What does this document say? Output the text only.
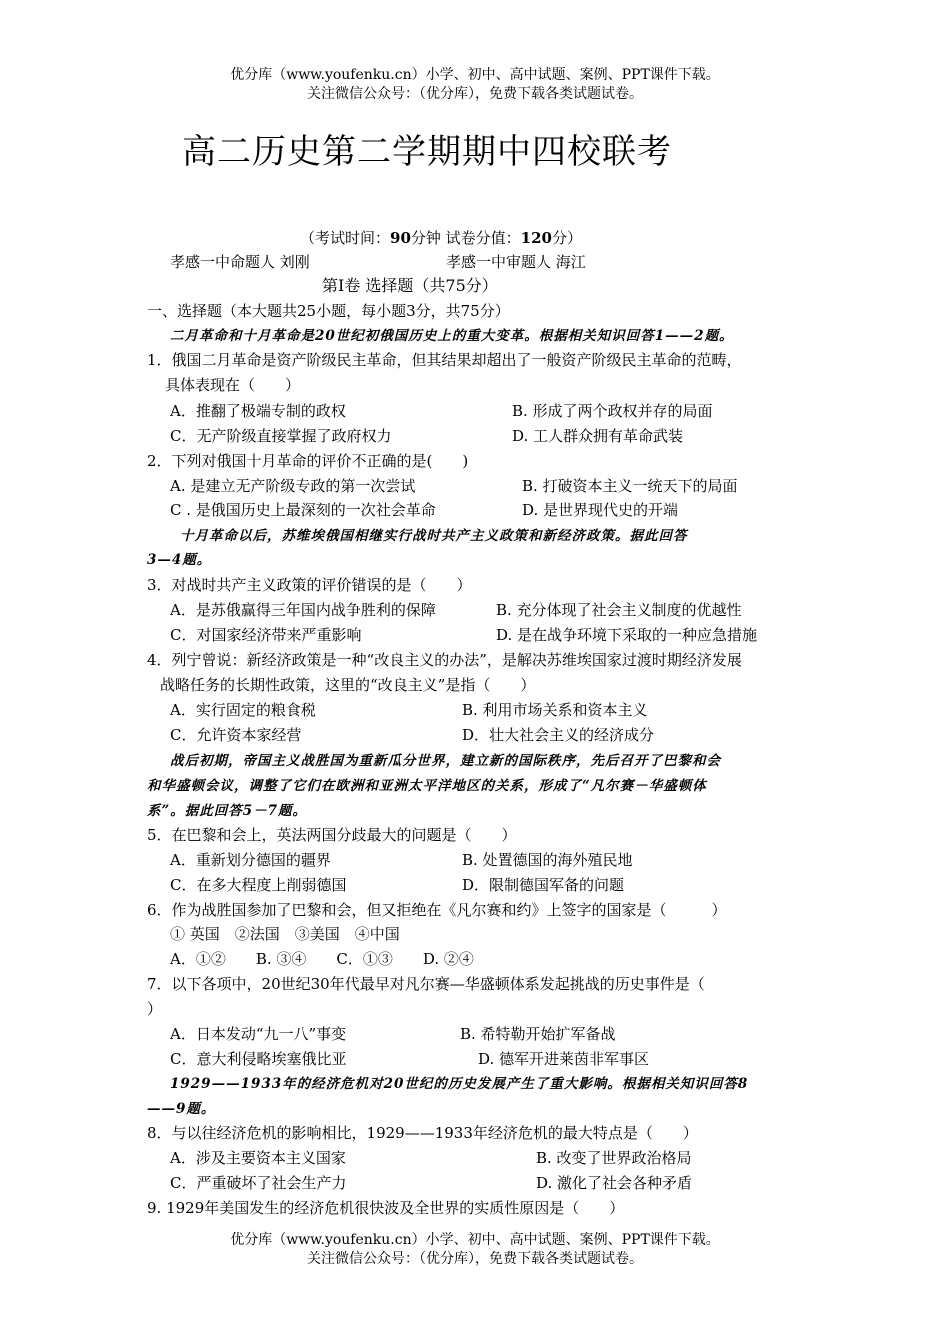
优分库（www.youfenku.cn）小学、初中、高中试题、案例、PPT课件下载。
关注微信公众号：（优分库），免费下载各类试题试卷。
高二历史第二学期期中四校联考
（考试时间：90分钟 试卷分值：120分）
孝感一中命题人 刘刚	孝感一中审题人 海江
第Ⅰ卷 选择题（共75分）
一、选择题（本大题共25小题，每小题3分，共75分）
二月革命和十月革命是20世纪初俄国历史上的重大变革。根据相关知识回答1——2题。
1．俄国二月革命是资产阶级民主革命，但其结果却超出了一般资产阶级民主革命的范畴，
具体表现在（　　）
A．推翻了极端专制的政权	B. 形成了两个政权并存的局面
C．无产阶级直接掌握了政府权力	D. 工人群众拥有革命武装
2．下列对俄国十月革命的评价不正确的是(　　)
A. 是建立无产阶级专政的第一次尝试	B. 打破资本主义一统天下的局面
C . 是俄国历史上最深刻的一次社会革命	D. 是世界现代史的开端
十月革命以后，苏维埃俄国相继实行战时共产主义政策和新经济政策。据此回答
3—4题。
3．对战时共产主义政策的评价错误的是（　　）
A．是苏俄赢得三年国内战争胜利的保障	B. 充分体现了社会主义制度的优越性
C．对国家经济带来严重影响	D. 是在战争环境下采取的一种应急措施
4．列宁曾说：新经济政策是一种“改良主义的办法”，是解决苏维埃国家过渡时期经济发展
战略任务的长期性政策，这里的“改良主义”是指（　　）
A．实行固定的粮食税	B. 利用市场关系和资本主义
C．允许资本家经营	D．壮大社会主义的经济成分
战后初期，帝国主义战胜国为重新瓜分世界，建立新的国际秩序，先后召开了巴黎和会
和华盛顿会议，调整了它们在欧洲和亚洲太平洋地区的关系，形成了“凡尔赛－华盛顿体
系”。据此回答5－7题。
5．在巴黎和会上，英法两国分歧最大的问题是（　　）
A．重新划分德国的疆界	B. 处置德国的海外殖民地
C．在多大程度上削弱德国	D．限制德国军备的问题
6．作为战胜国参加了巴黎和会，但又拒绝在《凡尔赛和约》上签字的国家是（　　　）
① 英国　②法国　③美国　④中国
A．①②　　B. ③④　　C．①③　　D. ②④
7．以下各项中，20世纪30年代最早对凡尔赛—华盛顿体系发起挑战的历史事件是（
）
A．日本发动“九一八”事变	B. 希特勒开始扩军备战
C．意大利侵略埃塞俄比亚	D. 德军开进莱茵非军事区
1929——1933年的经济危机对20世纪的历史发展产生了重大影响。根据相关知识回答8
——9题。
8．与以往经济危机的影响相比，1929——1933年经济危机的最大特点是（　　）
A．涉及主要资本主义国家	B. 改变了世界政治格局
C．严重破坏了社会生产力	D. 激化了社会各种矛盾
9. 1929年美国发生的经济危机很快波及全世界的实质性原因是（　　）
优分库（www.youfenku.cn）小学、初中、高中试题、案例、PPT课件下载。
关注微信公众号：（优分库），免费下载各类试题试卷。
